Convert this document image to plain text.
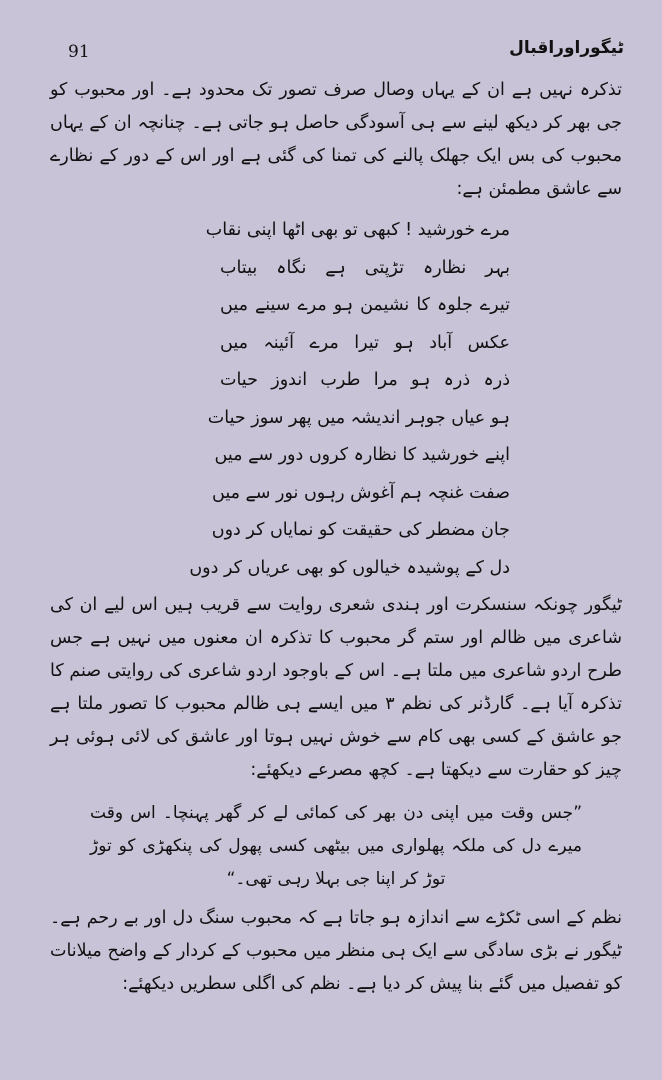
91	ٹیگوراوراقبال

تذکرہ نہیں ہے ان کے یہاں وصال صرف تصور تک محدود ہے۔ اور محبوب کو جی بھر کر دیکھ لینے سے ہی آسودگی حاصل ہو جاتی ہے۔ چنانچہ ان کے یہاں محبوب کی بس ایک جھلک پالنے کی تمنا کی گئی ہے اور اس کے دور کے نظارے سے عاشق مطمئن ہے:

مرے خورشید ! کبھی تو بھی اٹھا اپنی نقاب
بہر نظارہ تڑپتی ہے نگاہ بیتاب
تیرے جلوہ کا نشیمن ہو مرے سینے میں
عکس آباد ہو تیرا مرے آئینہ میں
ذرہ ذرہ ہو مرا طرب اندوز حیات
ہو عیاں جوہر اندیشہ میں پھر سوز حیات
اپنے خورشید کا نظارہ کروں دور سے میں
صفت غنچہ ہم آغوش رہوں نور سے میں
جان مضطر کی حقیقت کو نمایاں کر دوں
دل کے پوشیدہ خیالوں کو بھی عریاں کر دوں

ٹیگور چونکہ سنسکرت اور ہندی شعری روایت سے قریب ہیں اس لیے ان کی شاعری میں ظالم اور ستم گر محبوب کا تذکرہ ان معنوں میں نہیں ہے جس طرح اردو شاعری میں ملتا ہے۔ اس کے باوجود اردو شاعری کی روایتی صنم کا تذکرہ آیا ہے۔ گارڈنر کی نظم ۳ میں ایسے ہی ظالم محبوب کا تصور ملتا ہے جو عاشق کے کسی بھی کام سے خوش نہیں ہوتا اور عاشق کی لائی ہوئی ہر چیز کو حقارت سے دیکھتا ہے۔ کچھ مصرعے دیکھئے:

”جس وقت میں اپنی دن بھر کی کمائی لے کر گھر پہنچا۔ اس وقت میرے دل کی ملکہ پھلواری میں بیٹھی کسی پھول کی پنکھڑی کو توڑ توڑ کر اپنا جی بہلا رہی تھی۔“

نظم کے اسی ٹکڑے سے اندازہ ہو جاتا ہے کہ محبوب سنگ دل اور بے رحم ہے۔ ٹیگور نے بڑی سادگی سے ایک ہی منظر میں محبوب کے کردار کے واضح میلانات کو تفصیل میں گئے بنا پیش کر دیا ہے۔ نظم کی اگلی سطریں دیکھئے:
